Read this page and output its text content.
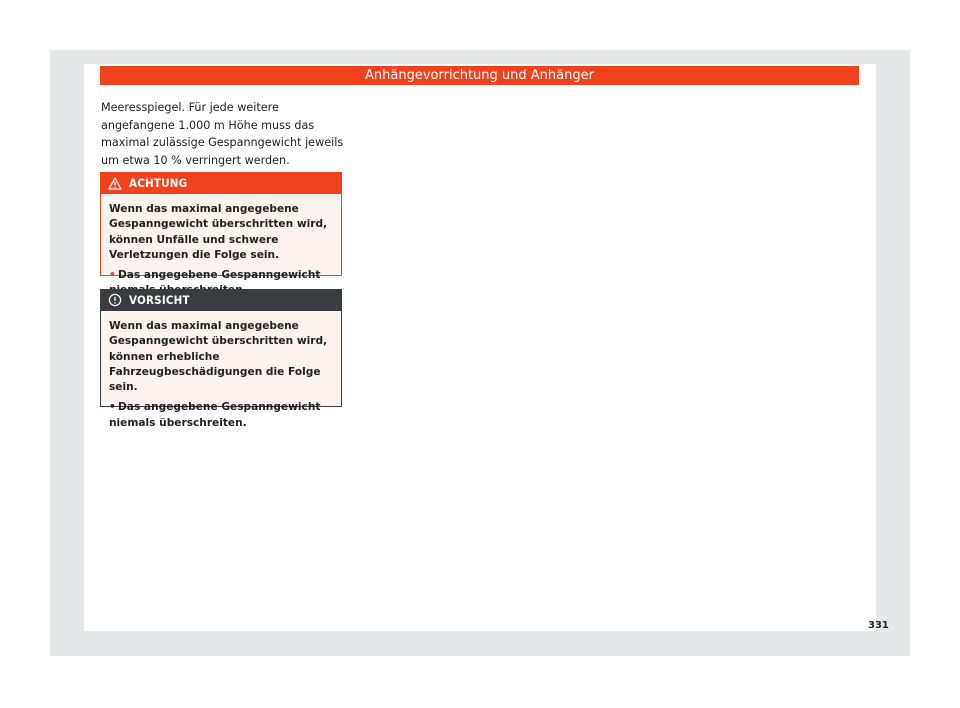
Anhängevorrichtung und Anhänger

Meeresspiegel. Für jede weitere angefangene 1.000 m Höhe muss das maximal zulässige Gespanngewicht jeweils um etwa 10 % verringert werden.

ACHTUNG

Wenn das maximal angegebene Gespanngewicht überschritten wird, können Unfälle und schwere Verletzungen die Folge sein.

• Das angegebene Gespanngewicht

VORSICHT

Wenn das maximal angegebene Gespanngewicht überschritten wird, können erhebliche Fahrzeugbeschädigungen die Folge sein.

• Das angegebene Gespanngewicht niemals überschreiten.

331
